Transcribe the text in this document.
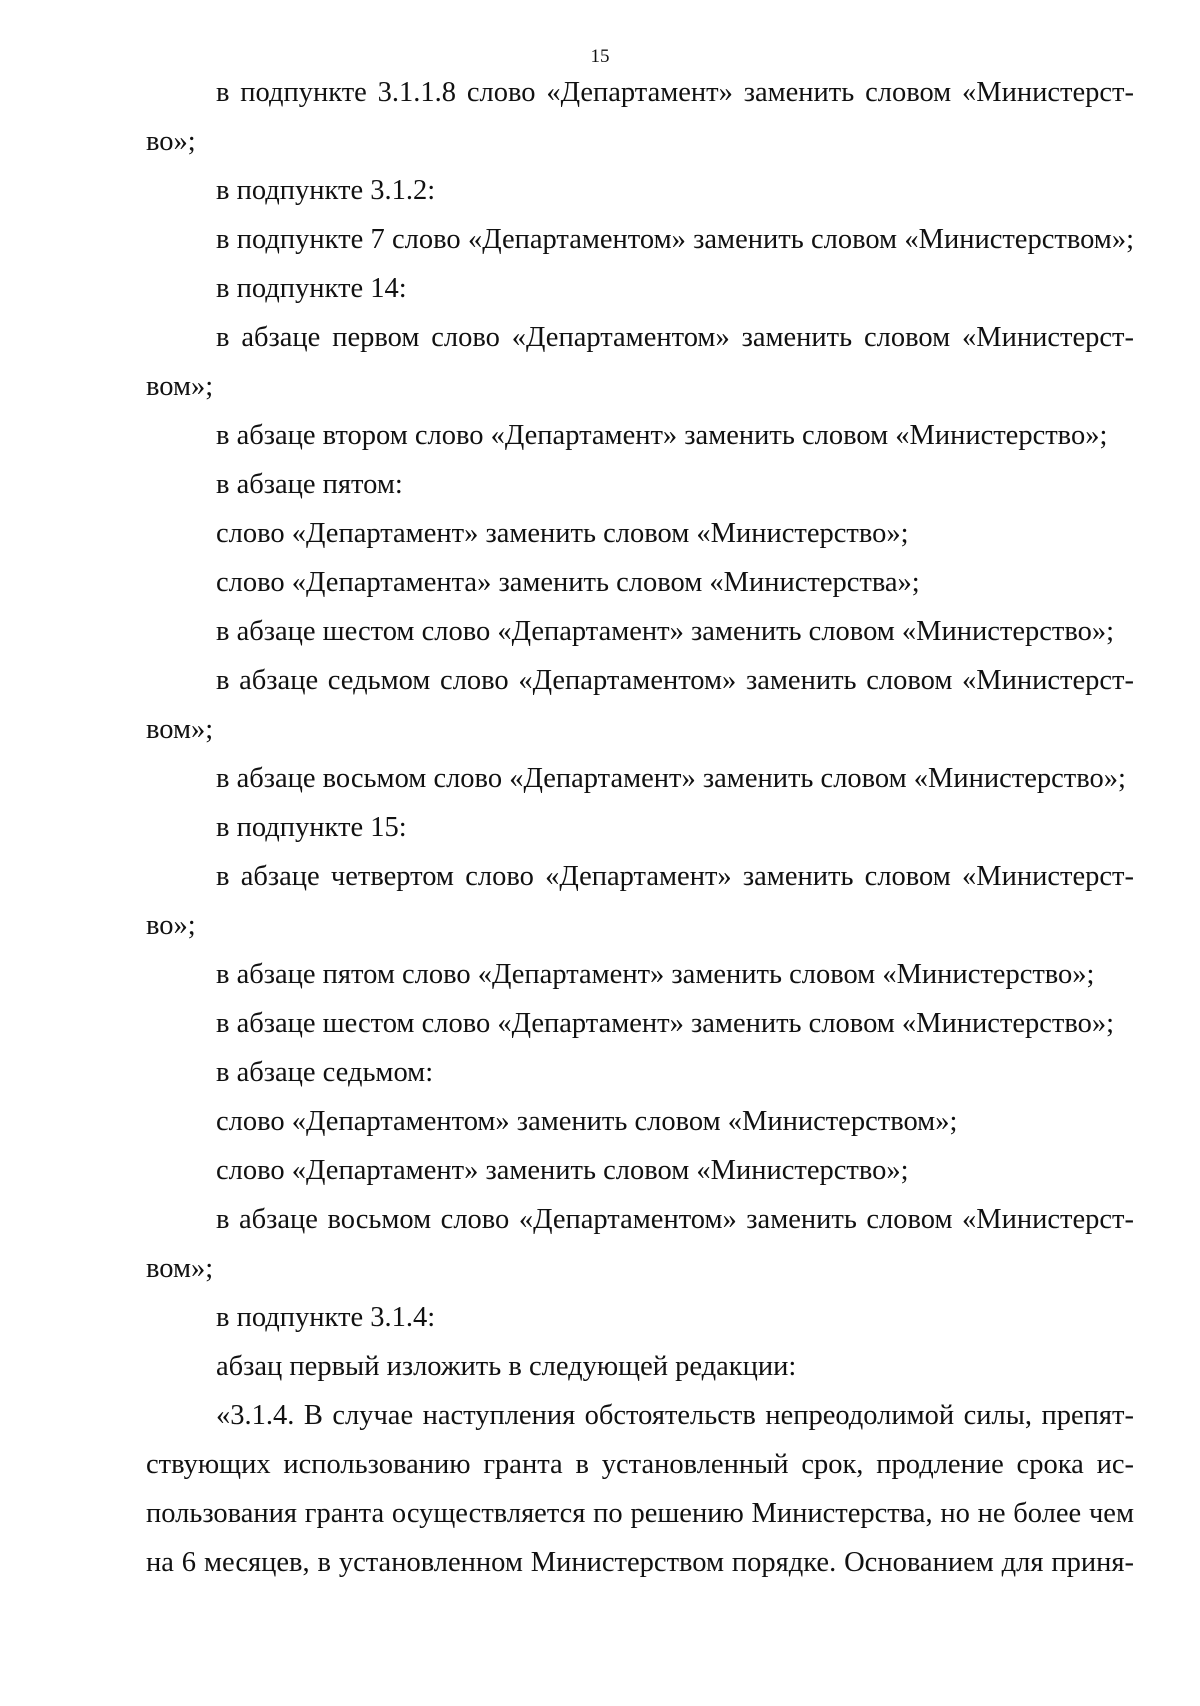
15
в подпункте 3.1.1.8 слово «Департамент» заменить словом «Министерст-
во»;
в подпункте 3.1.2:
в подпункте 7 слово «Департаментом» заменить словом «Министерством»;
в подпункте 14:
в абзаце первом слово «Департаментом» заменить словом «Министерст-
вом»;
в абзаце втором слово «Департамент» заменить словом «Министерство»;
в абзаце пятом:
слово «Департамент» заменить словом «Министерство»;
слово «Департамента» заменить словом «Министерства»;
в абзаце шестом слово «Департамент» заменить словом «Министерство»;
в абзаце седьмом слово «Департаментом» заменить словом «Министерст-
вом»;
в абзаце восьмом слово «Департамент» заменить словом «Министерство»;
в подпункте 15:
в абзаце четвертом слово «Департамент» заменить словом «Министерст-
во»;
в абзаце пятом слово «Департамент» заменить словом «Министерство»;
в абзаце шестом слово «Департамент» заменить словом «Министерство»;
в абзаце седьмом:
слово «Департаментом» заменить словом «Министерством»;
слово «Департамент» заменить словом «Министерство»;
в абзаце восьмом слово «Департаментом» заменить словом «Министерст-
вом»;
в подпункте 3.1.4:
абзац первый изложить в следующей редакции:
«3.1.4. В случае наступления обстоятельств непреодолимой силы, препят-
ствующих использованию гранта в установленный срок, продление срока ис-
пользования гранта осуществляется по решению Министерства, но не более чем
на 6 месяцев, в установленном Министерством порядке. Основанием для приня-
